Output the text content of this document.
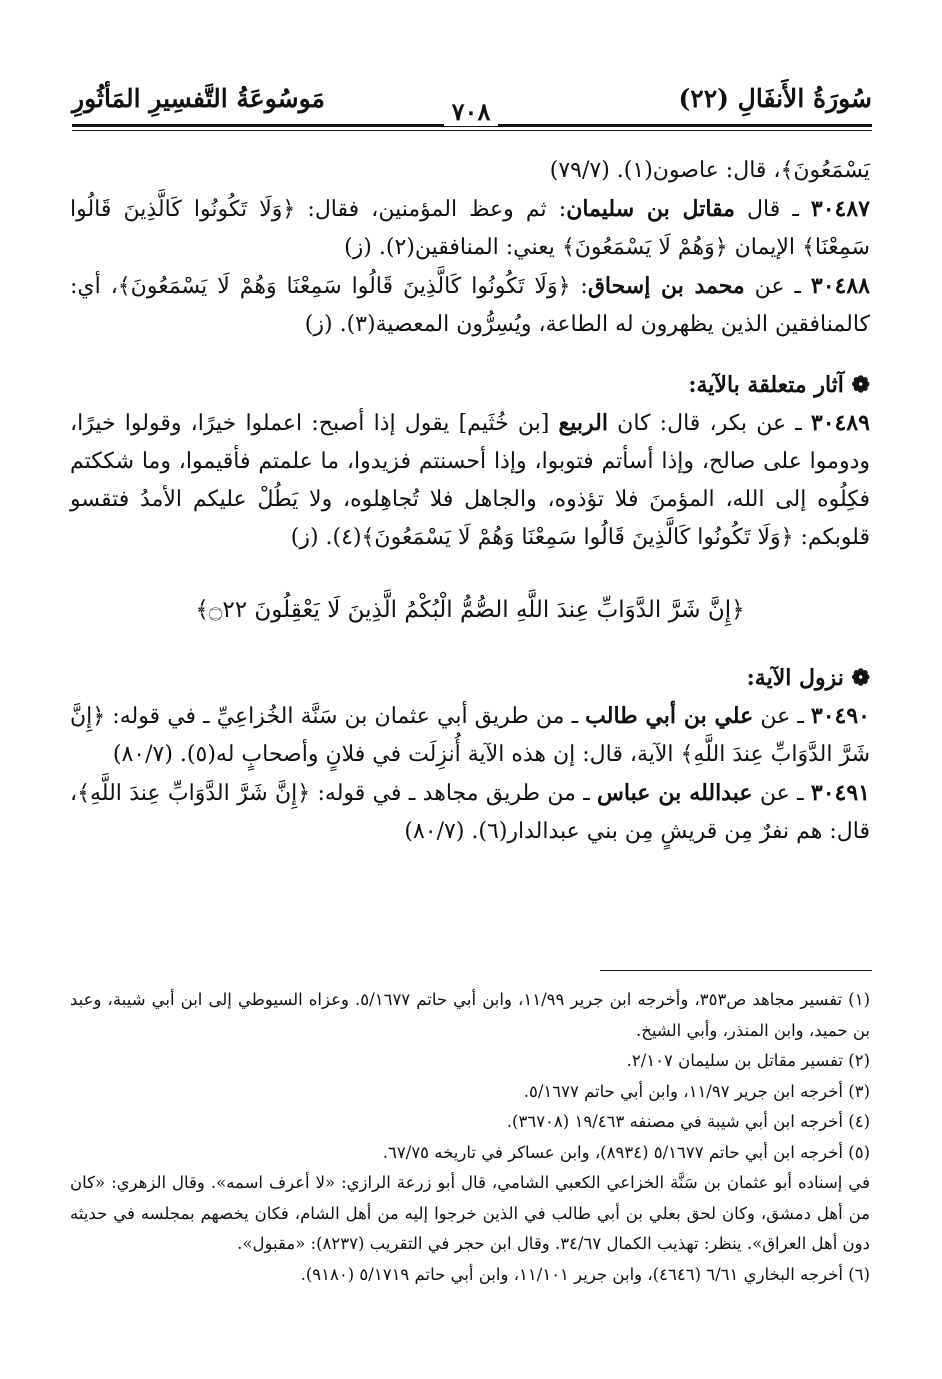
سُورَةُ الأَنفَالِ (٢٢)
مَوسُوعَةُ التَّفسِيرِ المَأثُورِ	٧٠٨

يَسْمَعُونَ﴾، قال: عاصون(١). (٧٩/٧)

٣٠٤٨٧ ـ قال مقاتل بن سليمان: ثم وعظ المؤمنين، فقال: ﴿وَلَا تَكُونُوا كَالَّذِينَ قَالُوا سَمِعْنَا﴾ الإيمان ﴿وَهُمْ لَا يَسْمَعُونَ﴾ يعني: المنافقين(٢). (ز)

٣٠٤٨٨ ـ عن محمد بن إسحاق: ﴿وَلَا تَكُونُوا كَالَّذِينَ قَالُوا سَمِعْنَا وَهُمْ لَا يَسْمَعُونَ﴾، أي: كالمنافقين الذين يظهرون له الطاعة، ويُسِرُّون المعصية(٣). (ز)

❁ آثار متعلقة بالآية:

٣٠٤٨٩ ـ عن بكر، قال: كان الربيع [بن خُثَيم] يقول إذا أصبح: اعملوا خيرًا، وقولوا خيرًا، ودوموا على صالح، وإذا أسأتم فتوبوا، وإذا أحسنتم فزيدوا، ما علمتم فأقيموا، وما شككتم فكِلُوه إلى الله، المؤمنَ فلا تؤذوه، والجاهل فلا تُجاهِلوه، ولا يَطُلْ عليكم الأمدُ فتقسو قلوبكم: ﴿وَلَا تَكُونُوا كَالَّذِينَ قَالُوا سَمِعْنَا وَهُمْ لَا يَسْمَعُونَ﴾(٤). (ز)

﴿إِنَّ شَرَّ الدَّوَابِّ عِندَ اللَّهِ الصُّمُّ الْبُكْمُ الَّذِينَ لَا يَعْقِلُونَ ۝٢٢﴾

❁ نزول الآية:

٣٠٤٩٠ ـ عن علي بن أبي طالب ـ من طريق أبي عثمان بن سَنَّة الخُزاعِيِّ ـ في قوله: ﴿إِنَّ شَرَّ الدَّوَابِّ عِندَ اللَّهِ﴾ الآية، قال: إن هذه الآية أُنزِلَت في فلانٍ وأصحابٍ له(٥). (٨٠/٧)

٣٠٤٩١ ـ عن عبدالله بن عباس ـ من طريق مجاهد ـ في قوله: ﴿إِنَّ شَرَّ الدَّوَابِّ عِندَ اللَّهِ﴾، قال: هم نفرٌ مِن قريشٍ مِن بني عبدالدار(٦). (٨٠/٧)

(١) تفسير مجاهد ص٣٥٣، وأخرجه ابن جرير ١١/٩٩، وابن أبي حاتم ٥/١٦٧٧. وعزاه السيوطي إلى ابن أبي شيبة، وعبد بن حميد، وابن المنذر، وأبي الشيخ.

(٢) تفسير مقاتل بن سليمان ٢/١٠٧.

(٣) أخرجه ابن جرير ١١/٩٧، وابن أبي حاتم ٥/١٦٧٧.

(٤) أخرجه ابن أبي شيبة في مصنفه ١٩/٤٦٣ (٣٦٧٠٨).

(٥) أخرجه ابن أبي حاتم ٥/١٦٧٧ (٨٩٣٤)، وابن عساكر في تاريخه ٦٧/٧٥.

في إسناده أبو عثمان بن سَنَّة الخزاعي الكعبي الشامي، قال أبو زرعة الرازي: «لا أعرف اسمه». وقال الزهري: «كان من أهل دمشق، وكان لحق بعلي بن أبي طالب في الذين خرجوا إليه من أهل الشام، فكان يخصهم بمجلسه في حديثه دون أهل العراق». ينظر: تهذيب الكمال ٣٤/٦٧. وقال ابن حجر في التقريب (٨٢٣٧): «مقبول».

(٦) أخرجه البخاري ٦/٦١ (٤٦٤٦)، وابن جرير ١١/١٠١، وابن أبي حاتم ٥/١٧١٩ (٩١٨٠).
